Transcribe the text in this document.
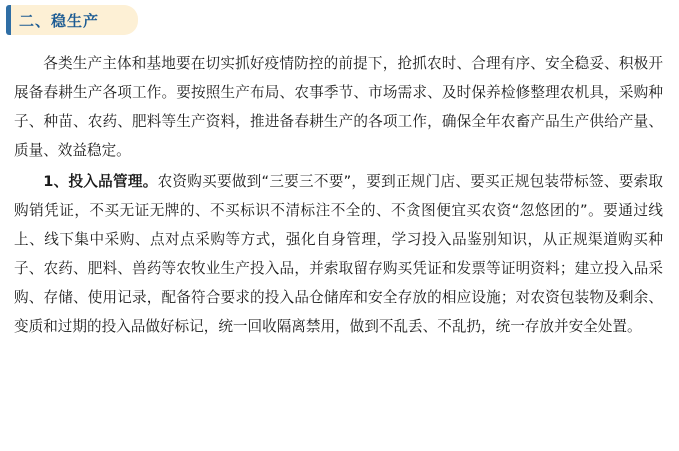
二、稳生产

各类生产主体和基地要在切实抓好疫情防控的前提下，抢抓农时、合理有序、安全稳妥、积极开展备春耕生产各项工作。要按照生产布局、农事季节、市场需求、及时保养检修整理农机具，采购种子、种苗、农药、肥料等生产资料，推进备春耕生产的各项工作，确保全年农畜产品生产供给产量、质量、效益稳定。

1、投入品管理。农资购买要做到“三要三不要”，要到正规门店、要买正规包装带标签、要索取购销凭证，不买无证无牌的、不买标识不清标注不全的、不贪图便宜买农资“忽悠团的”。要通过线上、线下集中采购、点对点采购等方式，强化自身管理，学习投入品鉴别知识，从正规渠道购买种子、农药、肥料、兽药等农牧业生产投入品，并索取留存购买凭证和发票等证明资料；建立投入品采购、存储、使用记录，配备符合要求的投入品仓储库和安全存放的相应设施；对农资包装物及剩余、变质和过期的投入品做好标记，统一回收隔离禁用，做到不乱丢、不乱扔，统一存放并安全处置。
